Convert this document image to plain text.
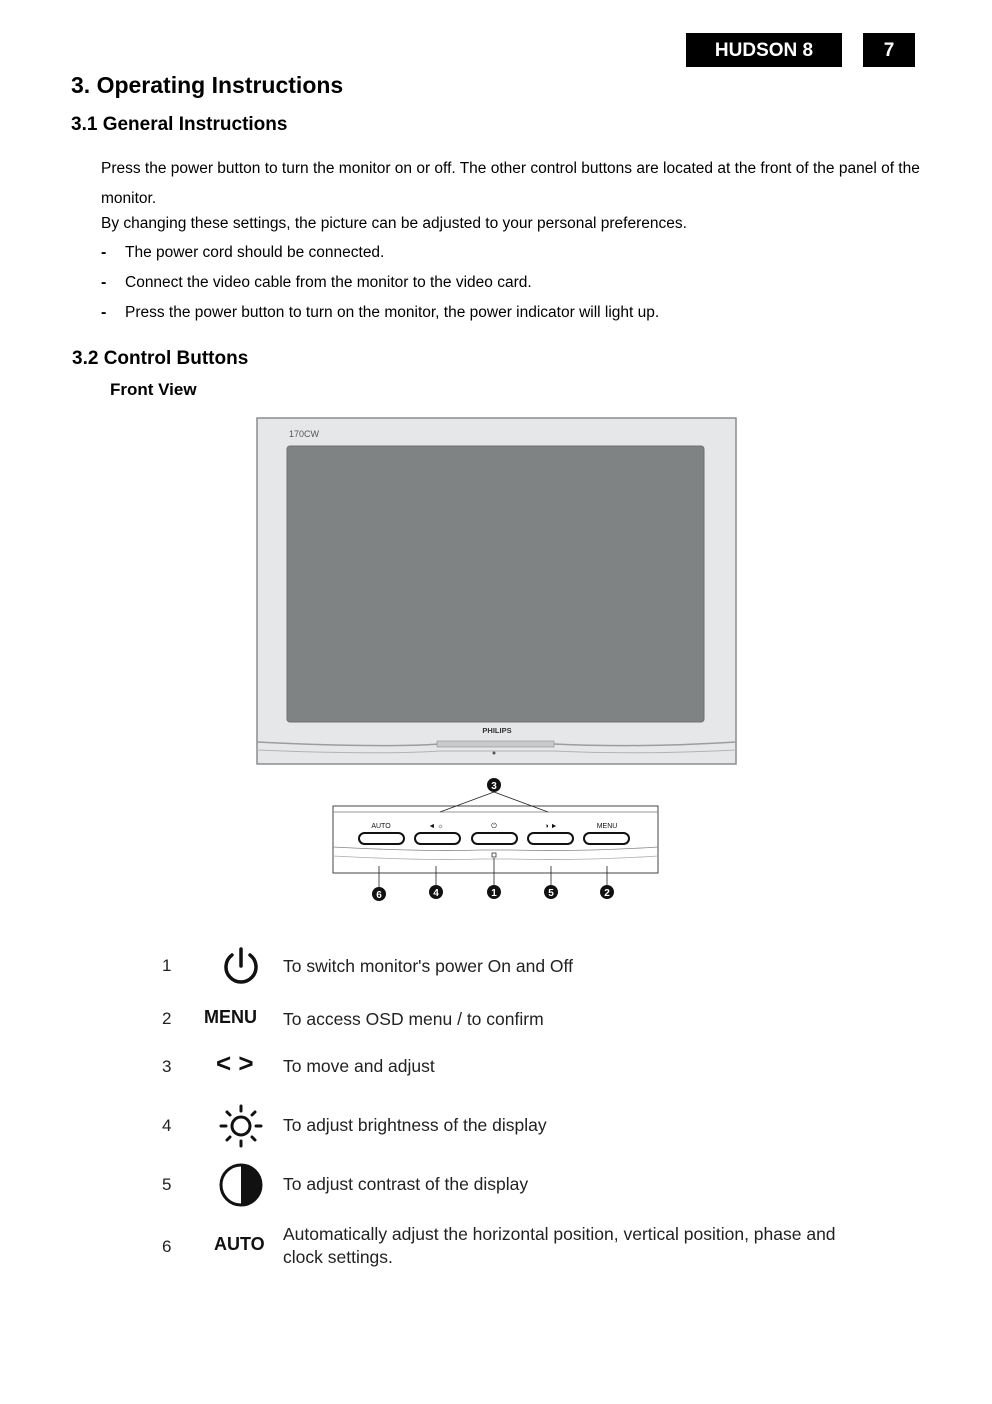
HUDSON 8	7
3. Operating Instructions
3.1 General Instructions

Press the power button to turn the monitor on or off. The other control buttons are located at the front of the panel of the monitor.

By changing these settings, the picture can be adjusted to your personal preferences.

- The power cord should be connected.
- Connect the video cable from the monitor to the video card.
- Press the power button to turn on the monitor, the power indicator will light up.
3.2 Control Buttons
Front View
170CW
PHILIPS
AUTO	◄ ☼	⏻	◑ ►	MENU
3
6	4	1	5	2
1	To switch monitor's power On and Off
2 MENU To access OSD menu / to confirm
3 < > To move and adjust
4	To adjust brightness of the display
5	To adjust contrast of the display
6 AUTO Automatically adjust the horizontal position, vertical position, phase and clock settings.
